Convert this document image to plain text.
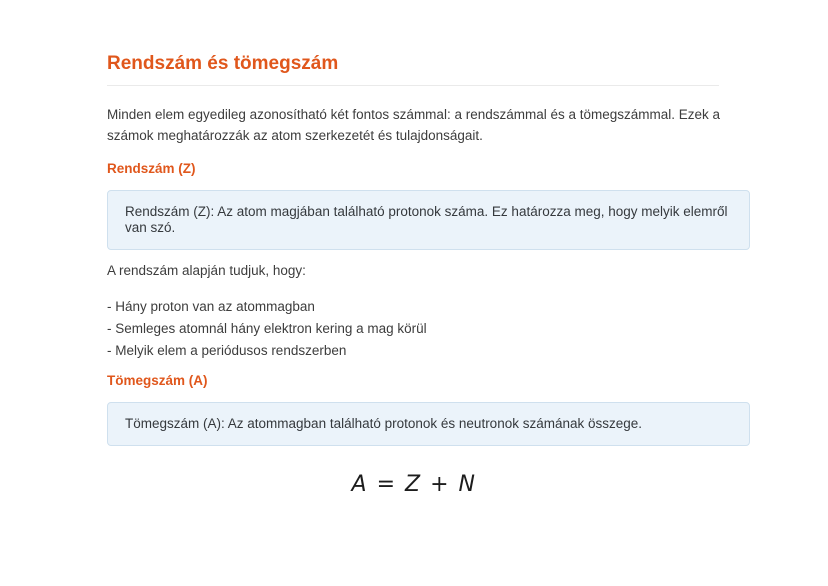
Rendszám és tömegszám

Minden elem egyedileg azonosítható két fontos számmal: a rendszámmal és a tömegszámmal. Ezek a számok meghatározzák az atom szerkezetét és tulajdonságait.

Rendszám (Z)
Rendszám (Z): Az atom magjában található protonok száma. Ez határozza meg, hogy melyik elemről van szó.

A rendszám alapján tudjuk, hogy:

- Hány proton van az atommagban
- Semleges atomnál hány elektron kering a mag körül
- Melyik elem a periódusos rendszerben
Tömegszám (A)
Tömegszám (A): Az atommagban található protonok és neutronok számának összege.
A = Z + N
